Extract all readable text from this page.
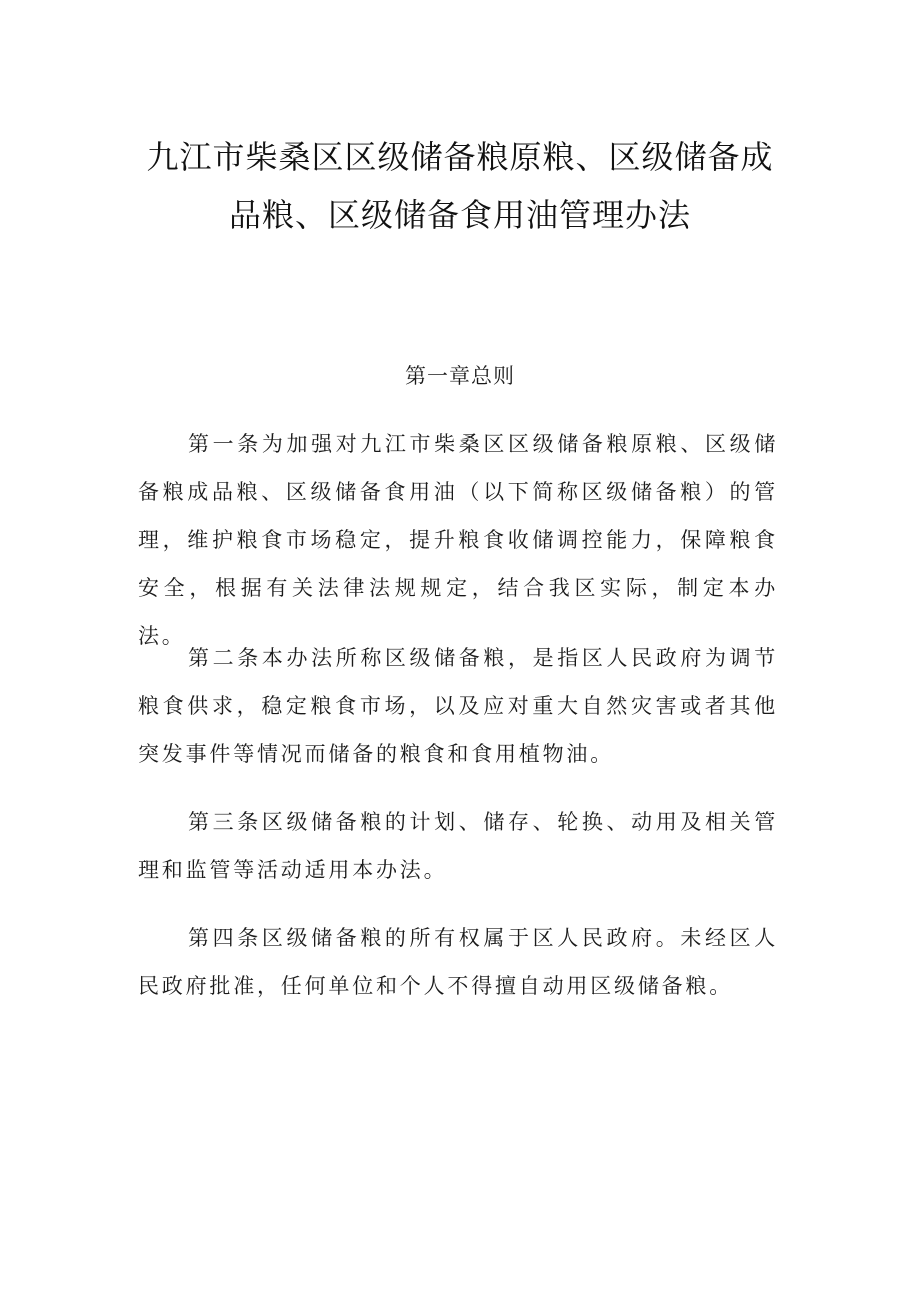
九江市柴桑区区级储备粮原粮、区级储备成
品粮、区级储备食用油管理办法
第一章总则

第一条为加强对九江市柴桑区区级储备粮原粮、区级储备粮成品粮、区级储备食用油（以下简称区级储备粮）的管理，维护粮食市场稳定，提升粮食收储调控能力，保障粮食安全，根据有关法律法规规定，结合我区实际，制定本办法。

第二条本办法所称区级储备粮，是指区人民政府为调节粮食供求，稳定粮食市场，以及应对重大自然灾害或者其他突发事件等情况而储备的粮食和食用植物油。

第三条区级储备粮的计划、储存、轮换、动用及相关管理和监管等活动适用本办法。

第四条区级储备粮的所有权属于区人民政府。未经区人民政府批准，任何单位和个人不得擅自动用区级储备粮。
